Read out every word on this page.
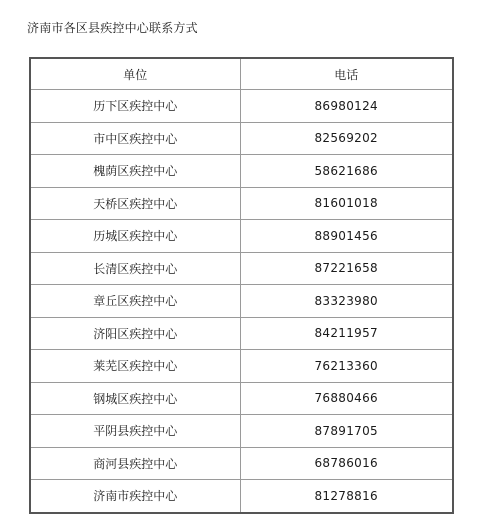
济南市各区县疾控中心联系方式
单位	电话
历下区疾控中心	86980124
市中区疾控中心	82569202
槐荫区疾控中心	58621686
天桥区疾控中心	81601018
历城区疾控中心	88901456
长清区疾控中心	87221658
章丘区疾控中心	83323980
济阳区疾控中心	84211957
莱芜区疾控中心	76213360
钢城区疾控中心	76880466
平阴县疾控中心	87891705
商河县疾控中心	68786016
济南市疾控中心	81278816
